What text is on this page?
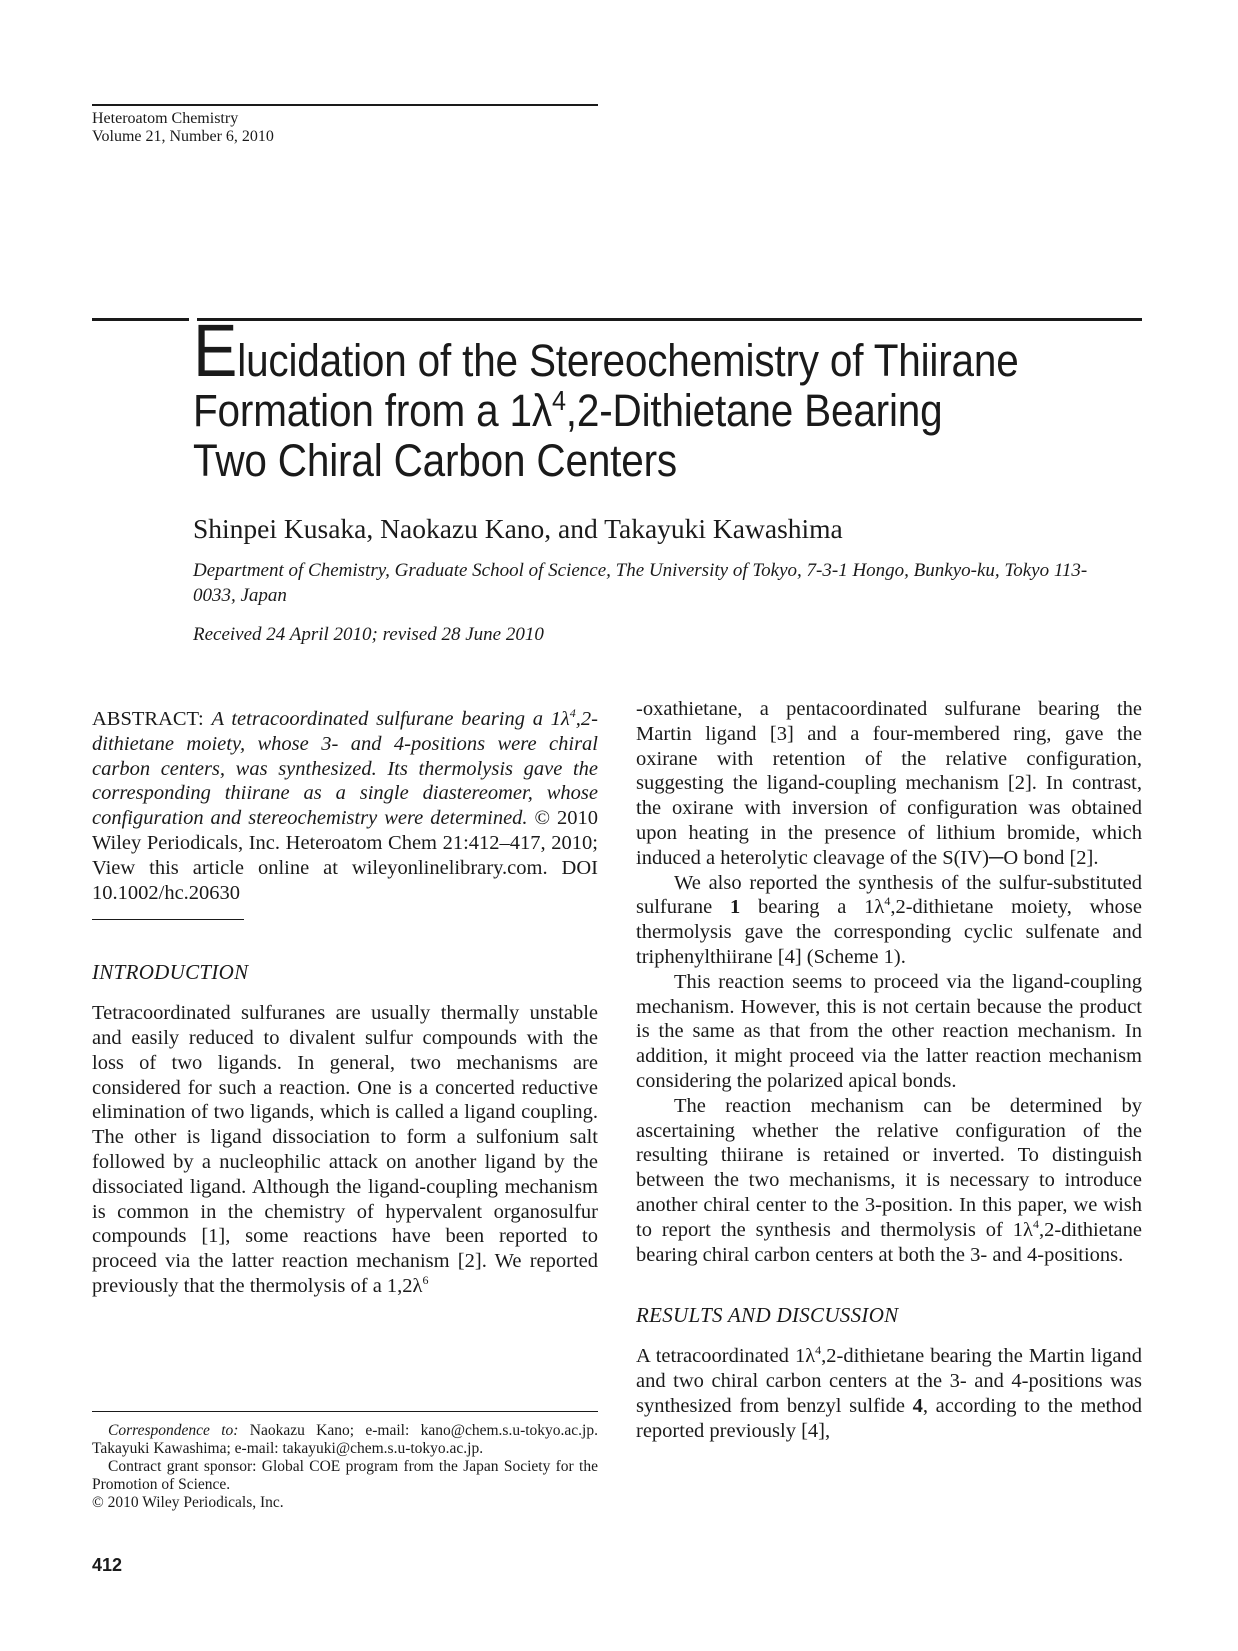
Heteroatom Chemistry
Volume 21, Number 6, 2010
Elucidation of the Stereochemistry of Thiirane
Formation from a $1\lambda^4,2$-Dithietane Bearing
Two Chiral Carbon Centers
Shinpei Kusaka, Naokazu Kano, and Takayuki Kawashima
Department of Chemistry, Graduate School of Science, The University of Tokyo, 7-3-1 Hongo, Bunkyo-ku, Tokyo 113-0033, Japan
Received 24 April 2010; revised 28 June 2010

ABSTRACT: A tetracoordinated sulfurane bearing a $1\lambda^4,2$-dithietane moiety, whose 3- and 4-positions were chiral carbon centers, was synthesized. Its thermolysis gave the corresponding thiirane as a single diastereomer, whose configuration and stereochemistry were determined. © 2010 Wiley Periodicals, Inc. Heteroatom Chem 21:412–417, 2010; View this article online at wileyonlinelibrary.com. DOI 10.1002/hc.20630

INTRODUCTION

Tetracoordinated sulfuranes are usually thermally unstable and easily reduced to divalent sulfur compounds with the loss of two ligands. In general, two mechanisms are considered for such a reaction. One is a concerted reductive elimination of two ligands, which is called a ligand coupling. The other is ligand dissociation to form a sulfonium salt followed by a nucleophilic attack on another ligand by the dissociated ligand. Although the ligand-coupling mechanism is common in the chemistry of hypervalent organosulfur compounds [1], some reactions have been reported to proceed via the latter reaction mechanism [2]. We reported previously that the thermolysis of a $1,2\lambda^6$

-oxathietane, a pentacoordinated sulfurane bearing the Martin ligand [3] and a four-membered ring, gave the oxirane with retention of the relative configuration, suggesting the ligand-coupling mechanism [2]. In contrast, the oxirane with inversion of configuration was obtained upon heating in the presence of lithium bromide, which induced a heterolytic cleavage of the S(IV)─O bond [2].

We also reported the synthesis of the sulfur-substituted sulfurane 1 bearing a $1\lambda^4,2$-dithietane moiety, whose thermolysis gave the corresponding cyclic sulfenate and triphenylthiirane [4] (Scheme 1).

This reaction seems to proceed via the ligand-coupling mechanism. However, this is not certain because the product is the same as that from the other reaction mechanism. In addition, it might proceed via the latter reaction mechanism considering the polarized apical bonds.

The reaction mechanism can be determined by ascertaining whether the relative configuration of the resulting thiirane is retained or inverted. To distinguish between the two mechanisms, it is necessary to introduce another chiral center to the 3-position. In this paper, we wish to report the synthesis and thermolysis of $1\lambda^4,2$-dithietane bearing chiral carbon centers at both the 3- and 4-positions.

RESULTS AND DISCUSSION

A tetracoordinated $1\lambda^4,2$-dithietane bearing the Martin ligand and two chiral carbon centers at the 3- and 4-positions was synthesized from benzyl sulfide 4, according to the method reported previously [4],

Correspondence to: Naokazu Kano; e-mail: kano@chem.s.u-tokyo.ac.jp. Takayuki Kawashima; e-mail: takayuki@chem.s.u-tokyo.ac.jp.

Contract grant sponsor: Global COE program from the Japan Society for the Promotion of Science.

© 2010 Wiley Periodicals, Inc.

412
